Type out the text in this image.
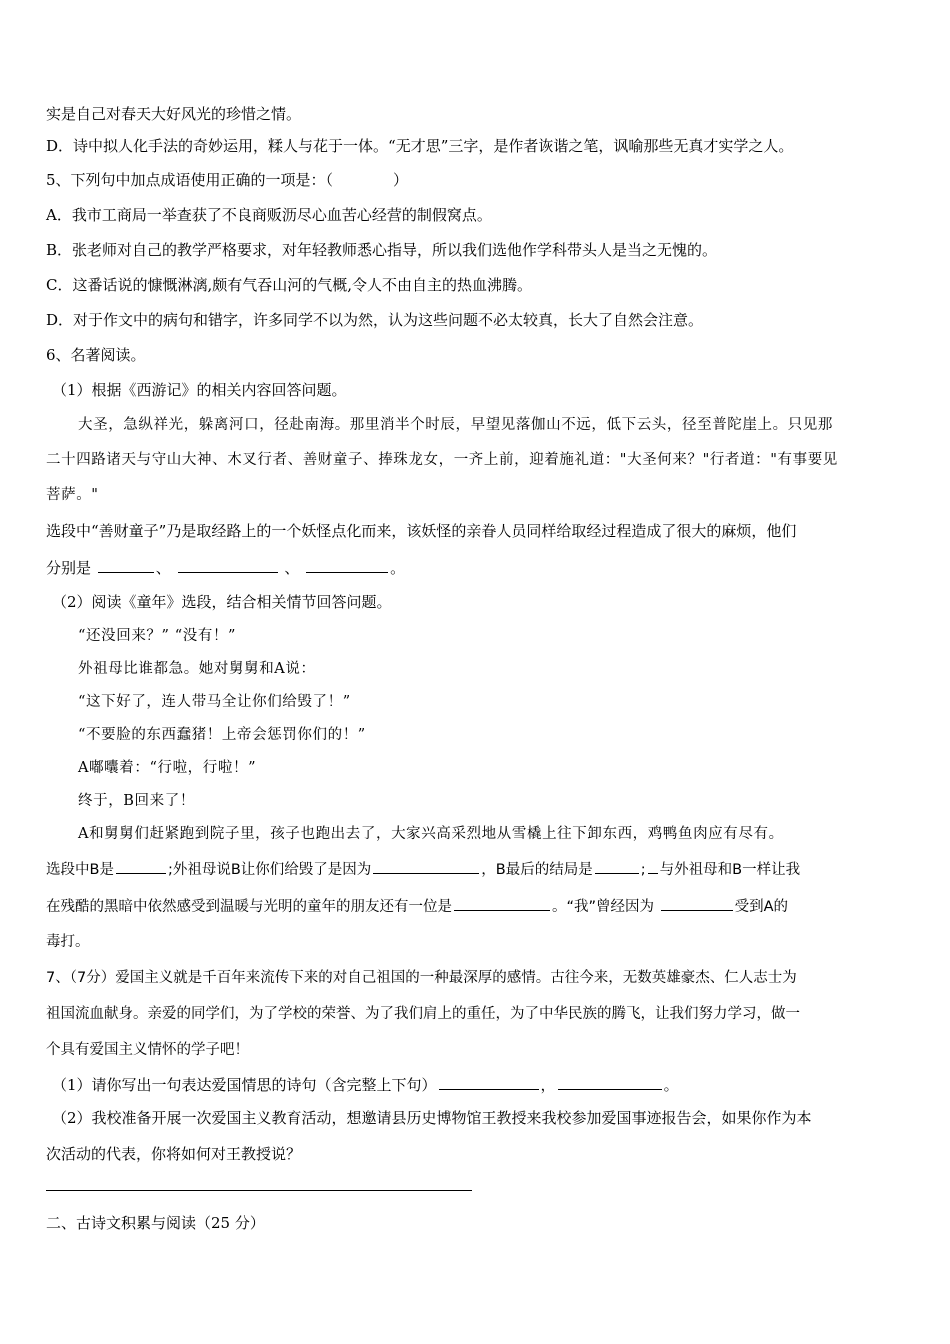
实是自己对春天大好风光的珍惜之情。
D．诗中拟人化手法的奇妙运用，糅人与花于一体。“无才思”三字，是作者诙谐之笔，讽喻那些无真才实学之人。
5、下列句中加点成语使用正确的一项是：（　　　　）
A．我市工商局一举查获了不良商贩沥尽心血苦心经营的制假窝点。
B．张老师对自己的教学严格要求，对年轻教师悉心指导，所以我们选他作学科带头人是当之无愧的。
C．这番话说的慷慨淋漓,颇有气吞山河的气概,令人不由自主的热血沸腾。
D．对于作文中的病句和错字，许多同学不以为然，认为这些问题不必太较真，长大了自然会注意。
6、名著阅读。
（1）根据《西游记》的相关内容回答问题。
大圣，急纵祥光，躲离河口，径赴南海。那里消半个时辰，早望见落伽山不远，低下云头，径至普陀崖上。只见那
二十四路诸天与守山大神、木叉行者、善财童子、捧珠龙女，一齐上前，迎着施礼道："大圣何来？"行者道："有事要见
菩萨。"
选段中“善财童子”乃是取经路上的一个妖怪点化而来，该妖怪的亲眷人员同样给取经过程造成了很大的麻烦，他们
分别是	、	、	。
（2）阅读《童年》选段，结合相关情节回答问题。
“还没回来？” “没有！”
外祖母比谁都急。她对舅舅和A说：
“这下好了，连人带马全让你们给毁了！”
“不要脸的东西蠢猪！上帝会惩罚你们的！”
A嘟囔着：“行啦，行啦！”
终于，B回来了！
A和舅舅们赶紧跑到院子里，孩子也跑出去了，大家兴高采烈地从雪橇上往下卸东西，鸡鸭鱼肉应有尽有。
选段中B是	;外祖母说B让你们给毁了是因为	，B最后的结局是	; 与外祖母和B一样让我
在残酷的黑暗中依然感受到温暖与光明的童年的朋友还有一位是	。“我”曾经因为	受到A的
毒打。
7、（7分）爱国主义就是千百年来流传下来的对自己祖国的一种最深厚的感情。古往今来，无数英雄豪杰、仁人志士为
祖国流血献身。亲爱的同学们，为了学校的荣誉、为了我们肩上的重任，为了中华民族的腾飞，让我们努力学习，做一
个具有爱国主义情怀的学子吧！
（1）请你写出一句表达爱国情思的诗句（含完整上下句）	，	。
（2）我校准备开展一次爱国主义教育活动，想邀请县历史博物馆王教授来我校参加爱国事迹报告会，如果你作为本
次活动的代表，你将如何对王教授说？
二、古诗文积累与阅读（25 分）
